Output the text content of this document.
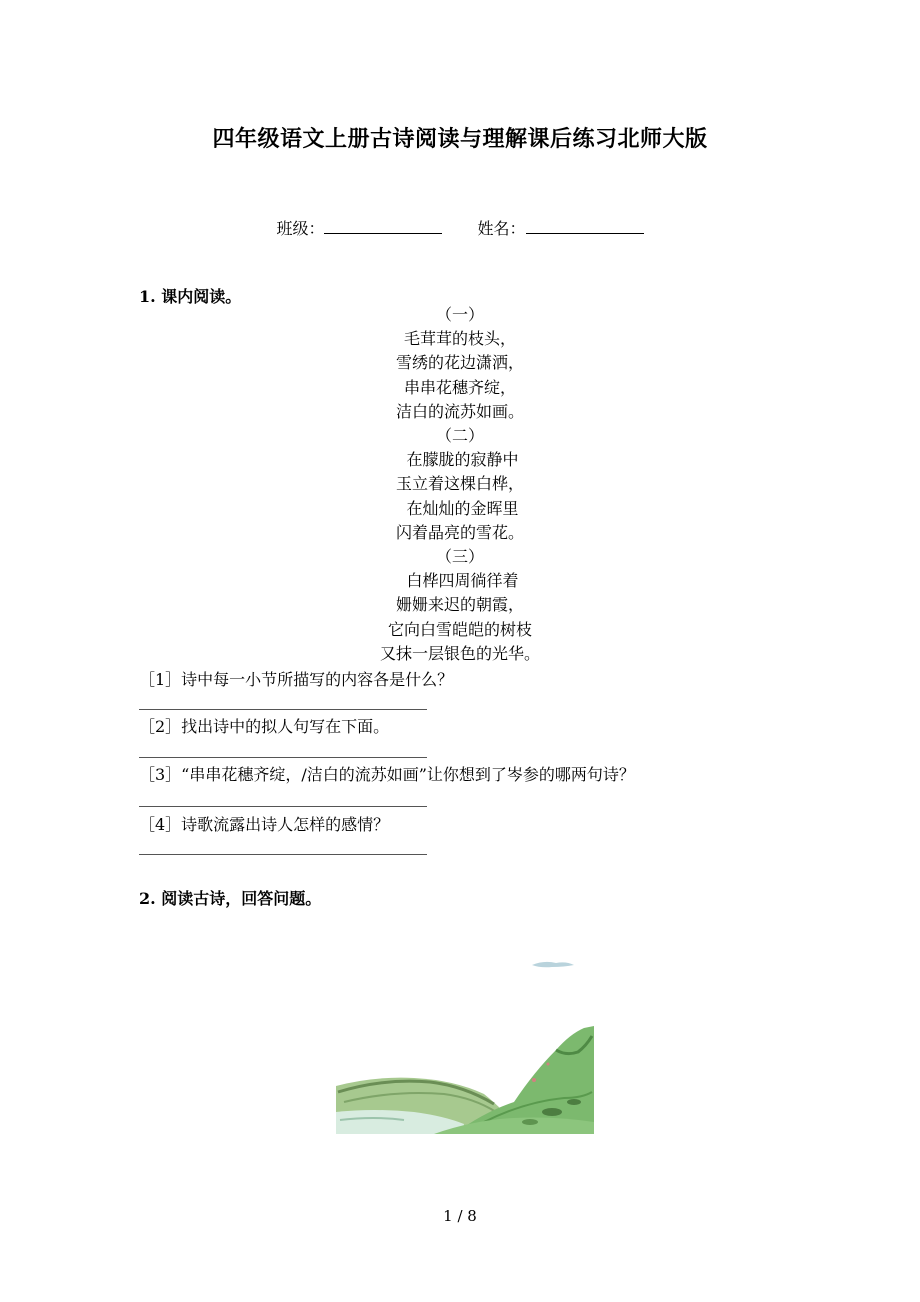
四年级语文上册古诗阅读与理解课后练习北师大版
班级：	姓名：
1. 课内阅读。
（一）
毛茸茸的枝头，
雪绣的花边潇洒，
串串花穗齐绽，
洁白的流苏如画。
（二）
在朦胧的寂静中
玉立着这棵白桦，
在灿灿的金晖里
闪着晶亮的雪花。
（三）
白桦四周徜徉着
姗姗来迟的朝霞，
它向白雪皑皑的树枝
又抹一层银色的光华。
［1］诗中每一小节所描写的内容各是什么？
［2］找出诗中的拟人句写在下面。
［3］“串串花穗齐绽，/洁白的流苏如画”让你想到了岑参的哪两句诗？
［4］诗歌流露出诗人怎样的感情？
2. 阅读古诗，回答问题。
1 / 8
